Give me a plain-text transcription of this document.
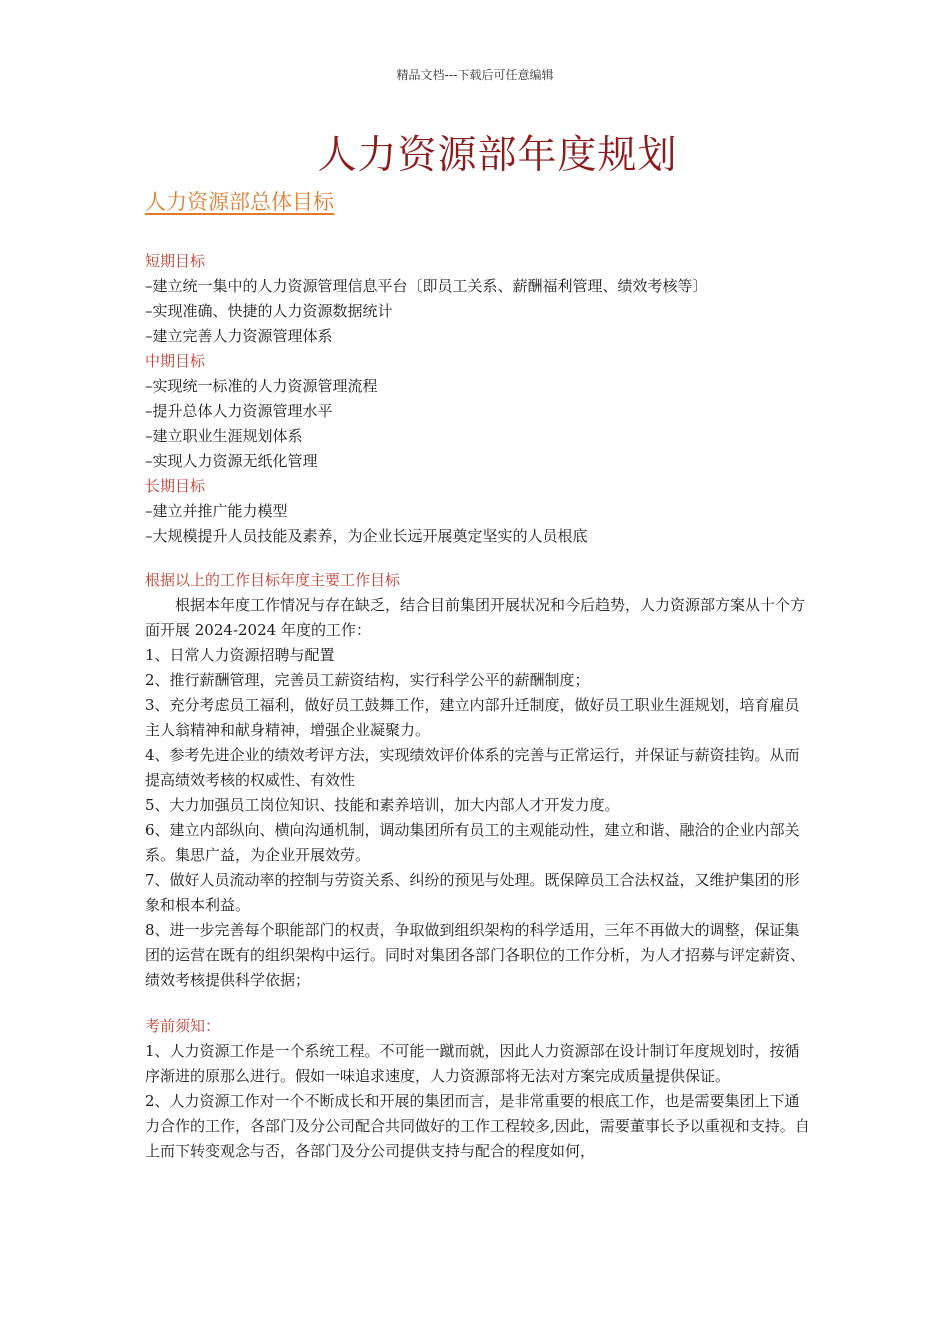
精品文档---下载后可任意编辑
人力资源部年度规划
人力资源部总体目标
短期目标
–建立统一集中的人力资源管理信息平台〔即员工关系、薪酬福利管理、绩效考核等〕
–实现准确、快捷的人力资源数据统计
–建立完善人力资源管理体系
中期目标
–实现统一标准的人力资源管理流程
–提升总体人力资源管理水平
–建立职业生涯规划体系
–实现人力资源无纸化管理
长期目标
–建立并推广能力模型
–大规模提升人员技能及素养，为企业长远开展奠定坚实的人员根底
根据以上的工作目标年度主要工作目标
根据本年度工作情况与存在缺乏，结合目前集团开展状况和今后趋势，人力资源部方案从十个方面开展 2024-2024 年度的工作：
1、日常人力资源招聘与配置
2、推行薪酬管理，完善员工薪资结构，实行科学公平的薪酬制度；
3、充分考虑员工福利，做好员工鼓舞工作，建立内部升迁制度，做好员工职业生涯规划，培育雇员主人翁精神和献身精神，增强企业凝聚力。
4、参考先进企业的绩效考评方法，实现绩效评价体系的完善与正常运行，并保证与薪资挂钩。从而提高绩效考核的权威性、有效性
5、大力加强员工岗位知识、技能和素养培训，加大内部人才开发力度。
6、建立内部纵向、横向沟通机制，调动集团所有员工的主观能动性，建立和谐、融洽的企业内部关系。集思广益，为企业开展效劳。
7、做好人员流动率的控制与劳资关系、纠纷的预见与处理。既保障员工合法权益，又维护集团的形象和根本利益。
8、进一步完善每个职能部门的权责，争取做到组织架构的科学适用，三年不再做大的调整，保证集团的运营在既有的组织架构中运行。同时对集团各部门各职位的工作分析，为人才招募与评定薪资、绩效考核提供科学依据；
考前须知：
1、人力资源工作是一个系统工程。不可能一蹴而就，因此人力资源部在设计制订年度规划时，按循序渐进的原那么进行。假如一味追求速度，人力资源部将无法对方案完成质量提供保证。
2、人力资源工作对一个不断成长和开展的集团而言，是非常重要的根底工作，也是需要集团上下通力合作的工作，各部门及分公司配合共同做好的工作工程较多,因此，需要董事长予以重视和支持。自上而下转变观念与否，各部门及分公司提供支持与配合的程度如何，
